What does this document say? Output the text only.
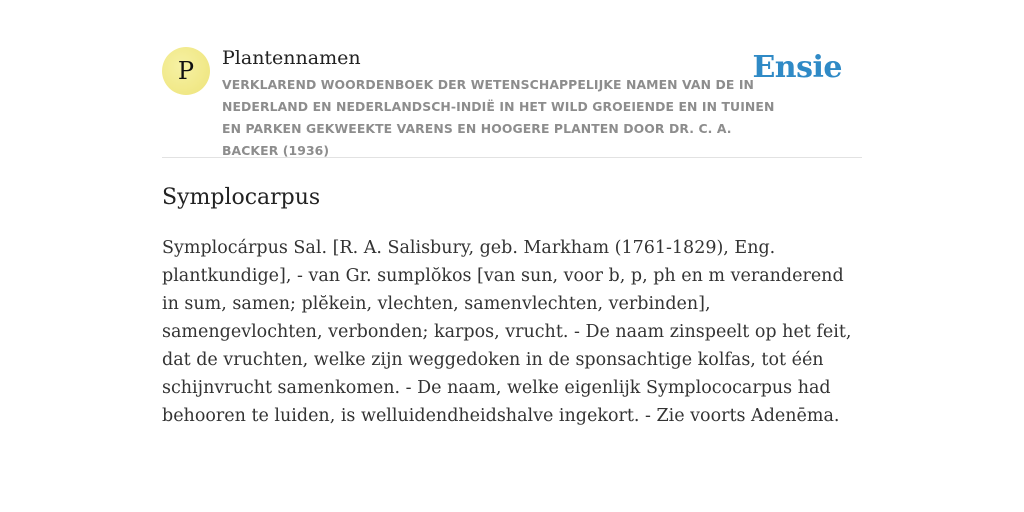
P	Plantennamen
VERKLAREND WOORDENBOEK DER WETENSCHAPPELIJKE NAMEN VAN DE IN NEDERLAND EN NEDERLANDSCH-INDIË IN HET WILD GROEIENDE EN IN TUINEN EN PARKEN GEKWEEKTE VARENS EN HOOGERE PLANTEN DOOR DR. C. A. BACKER (1936)
Ensie
Symplocarpus

Symplocárpus Sal. [R. A. Salisbury, geb. Markham (1761-1829), Eng. plantkundige], - van Gr. sumplŏkos [van sun, voor b, p, ph en m veranderend in sum, samen; plĕkein, vlechten, samenvlechten, verbinden], samengevlochten, verbonden; karpos, vrucht. - De naam zinspeelt op het feit, dat de vruchten, welke zijn weggedoken in de sponsachtige kolfas, tot één schijnvrucht samenkomen. - De naam, welke eigenlijk Symplococarpus had behooren te luiden, is welluidendheidshalve ingekort. - Zie voorts Adenēma.
